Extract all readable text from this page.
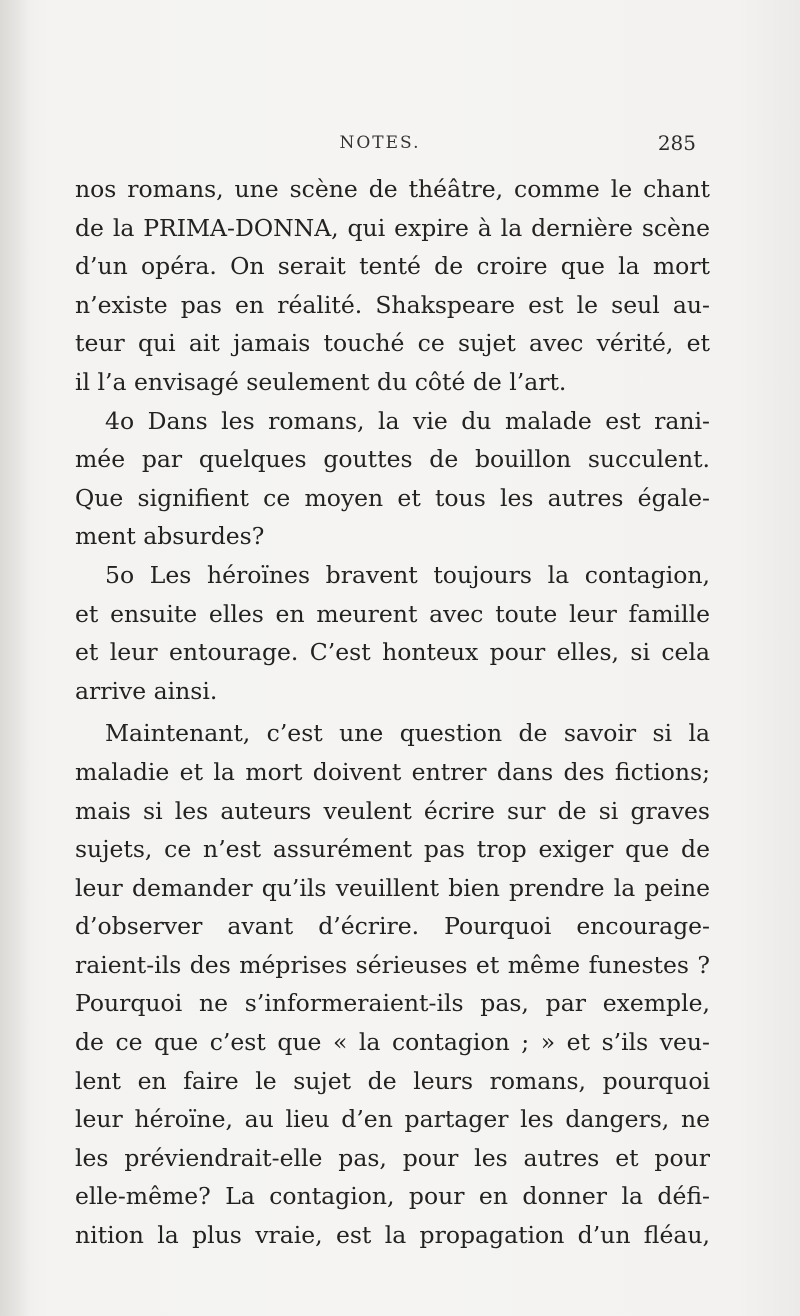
NOTES.	285
nos romans, une scène de théâtre, comme le chant
de la PRIMA-DONNA, qui expire à la dernière scène
d’un opéra. On serait tenté de croire que la mort
n’existe pas en réalité. Shakspeare est le seul au-
teur qui ait jamais touché ce sujet avec vérité, et
il l’a envisagé seulement du côté de l’art.
4o Dans les romans, la vie du malade est rani-
mée par quelques gouttes de bouillon succulent.
Que signifient ce moyen et tous les autres égale-
ment absurdes?
5o Les héroïnes bravent toujours la contagion,
et ensuite elles en meurent avec toute leur famille
et leur entourage. C’est honteux pour elles, si cela
arrive ainsi.
Maintenant, c’est une question de savoir si la
maladie et la mort doivent entrer dans des fictions;
mais si les auteurs veulent écrire sur de si graves
sujets, ce n’est assurément pas trop exiger que de
leur demander qu’ils veuillent bien prendre la peine
d’observer avant d’écrire. Pourquoi encourage-
raient-ils des méprises sérieuses et même funestes ?
Pourquoi ne s’informeraient-ils pas, par exemple,
de ce que c’est que « la contagion ; » et s’ils veu-
lent en faire le sujet de leurs romans, pourquoi
leur héroïne, au lieu d’en partager les dangers, ne
les préviendrait-elle pas, pour les autres et pour
elle-même? La contagion, pour en donner la défi-
nition la plus vraie, est la propagation d’un fléau,
